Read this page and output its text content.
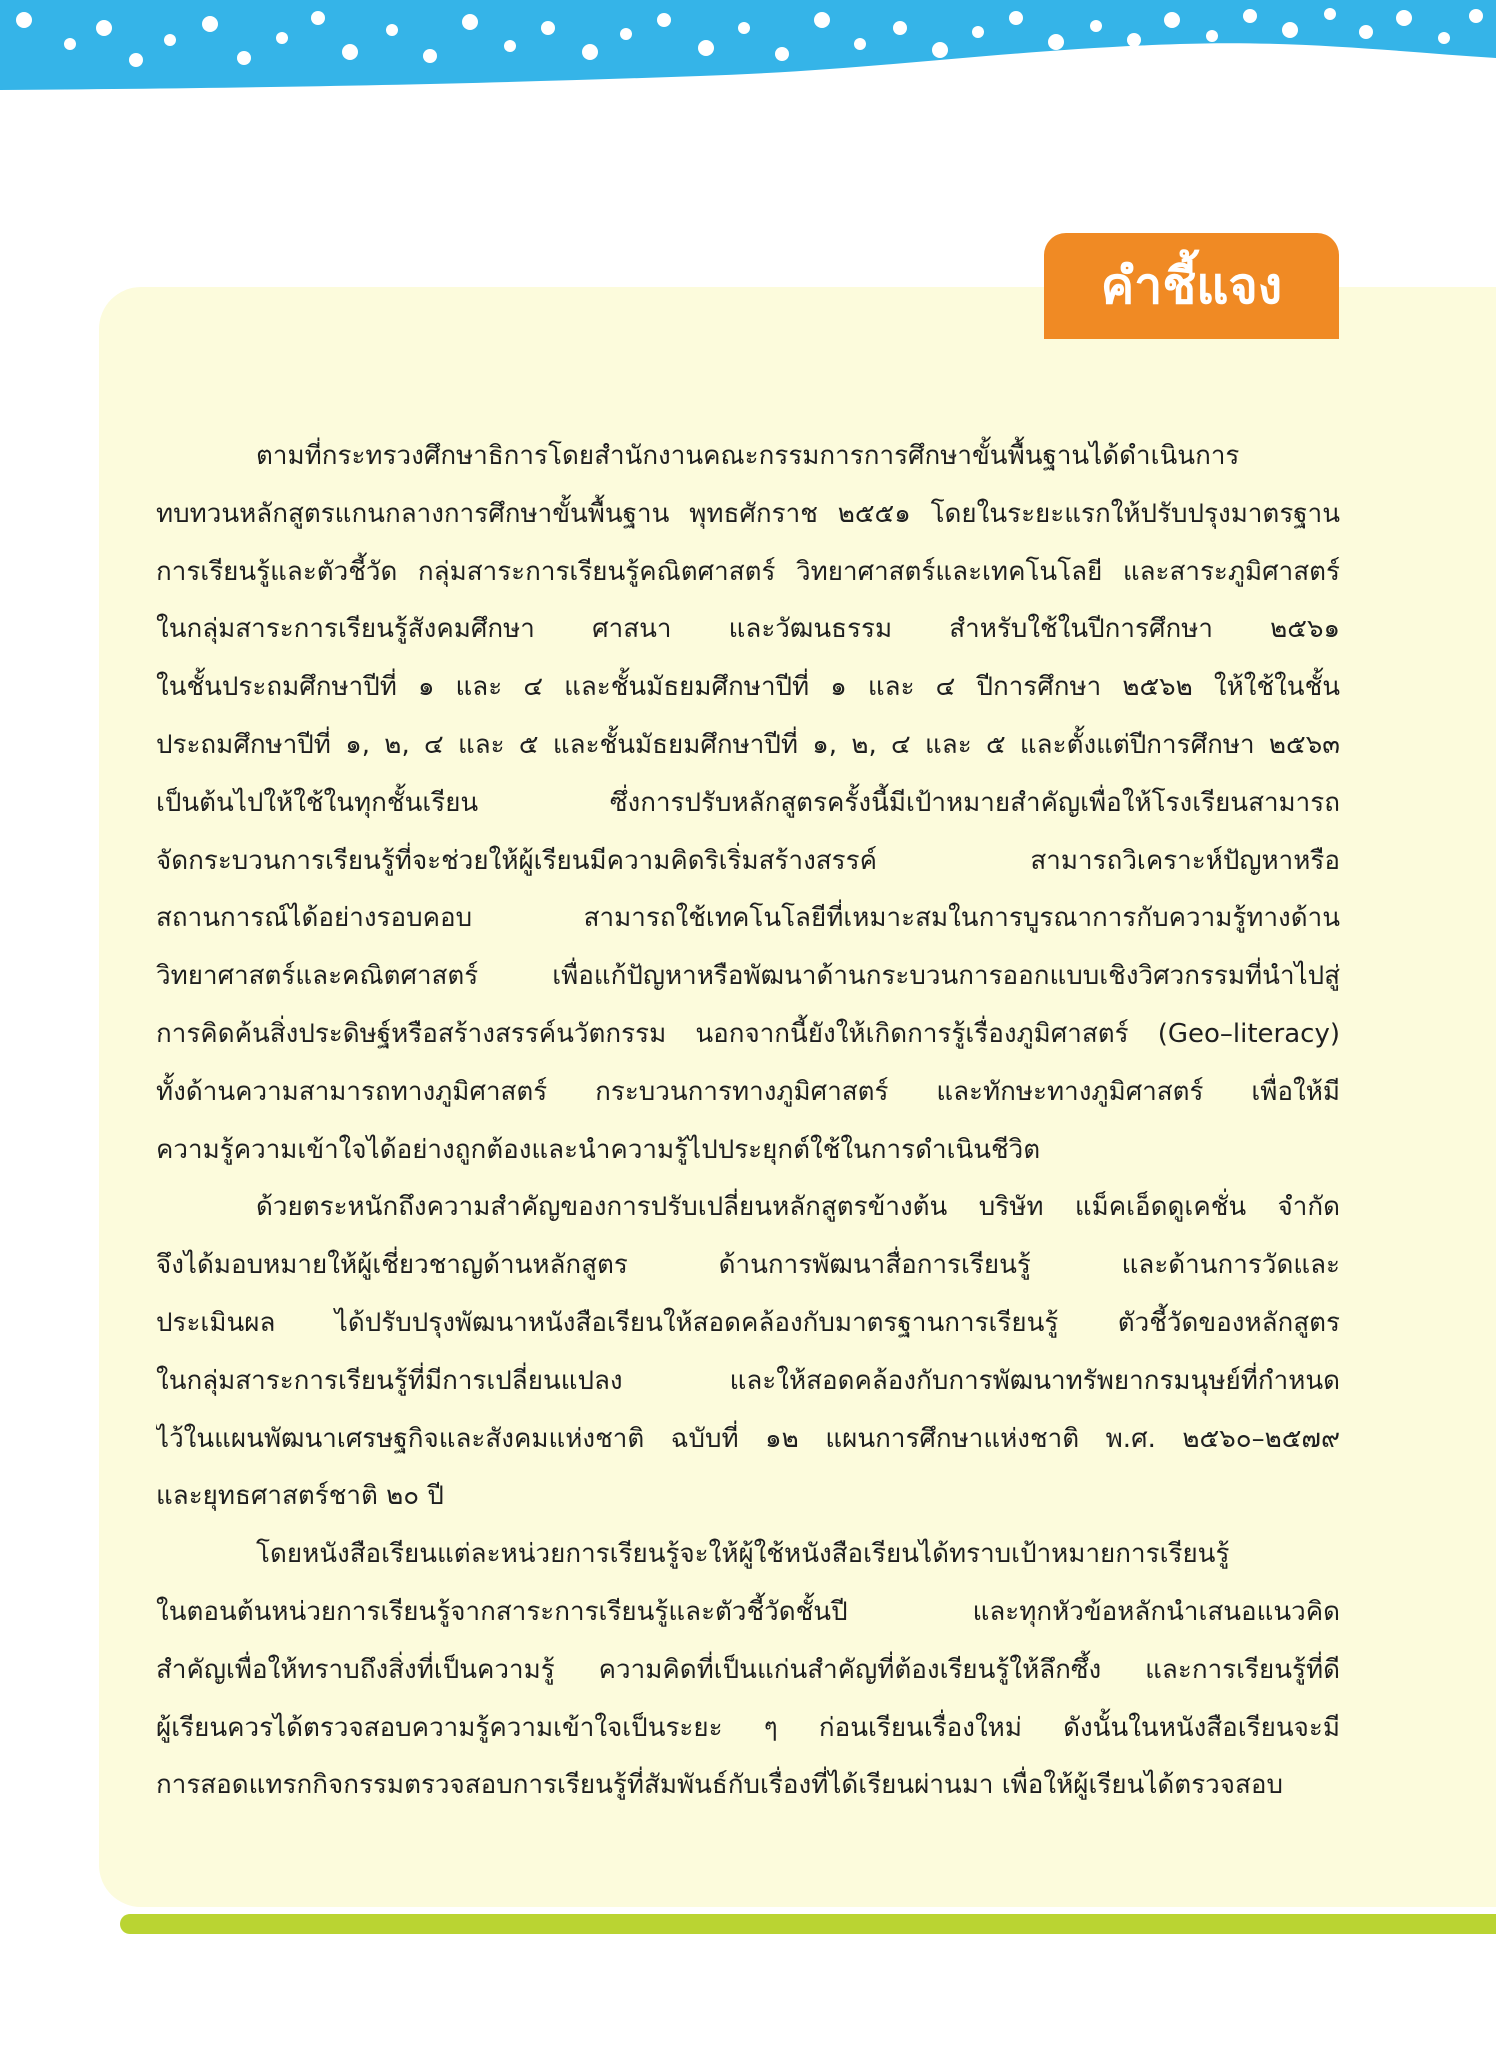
คำชี้แจง
ตามที่กระทรวงศึกษาธิการโดยสำนักงานคณะกรรมการการศึกษาขั้นพื้นฐานได้ดำเนินการ
ทบทวนหลักสูตรแกนกลางการศึกษาขั้นพื้นฐาน พุทธศักราช ๒๕๕๑ โดยในระยะแรกให้ปรับปรุงมาตรฐาน
การเรียนรู้และตัวชี้วัด กลุ่มสาระการเรียนรู้คณิตศาสตร์ วิทยาศาสตร์และเทคโนโลยี และสาระภูมิศาสตร์
ในกลุ่มสาระการเรียนรู้สังคมศึกษา ศาสนา และวัฒนธรรม สำหรับใช้ในปีการศึกษา ๒๕๖๑
ในชั้นประถมศึกษาปีที่ ๑ และ ๔ และชั้นมัธยมศึกษาปีที่ ๑ และ ๔ ปีการศึกษา ๒๕๖๒ ให้ใช้ในชั้น
ประถมศึกษาปีที่ ๑, ๒, ๔ และ ๕ และชั้นมัธยมศึกษาปีที่ ๑, ๒, ๔ และ ๕ และตั้งแต่ปีการศึกษา ๒๕๖๓
เป็นต้นไปให้ใช้ในทุกชั้นเรียน ซึ่งการปรับหลักสูตรครั้งนี้มีเป้าหมายสำคัญเพื่อให้โรงเรียนสามารถ
จัดกระบวนการเรียนรู้ที่จะช่วยให้ผู้เรียนมีความคิดริเริ่มสร้างสรรค์ สามารถวิเคราะห์ปัญหาหรือ
สถานการณ์ได้อย่างรอบคอบ สามารถใช้เทคโนโลยีที่เหมาะสมในการบูรณาการกับความรู้ทางด้าน
วิทยาศาสตร์และคณิตศาสตร์ เพื่อแก้ปัญหาหรือพัฒนาด้านกระบวนการออกแบบเชิงวิศวกรรมที่นำไปสู่
การคิดค้นสิ่งประดิษฐ์หรือสร้างสรรค์นวัตกรรม นอกจากนี้ยังให้เกิดการรู้เรื่องภูมิศาสตร์ (Geo–literacy)
ทั้งด้านความสามารถทางภูมิศาสตร์ กระบวนการทางภูมิศาสตร์ และทักษะทางภูมิศาสตร์ เพื่อให้มี
ความรู้ความเข้าใจได้อย่างถูกต้องและนำความรู้ไปประยุกต์ใช้ในการดำเนินชีวิต
ด้วยตระหนักถึงความสำคัญของการปรับเปลี่ยนหลักสูตรข้างต้น บริษัท แม็คเอ็ดดูเคชั่น จำกัด
จึงได้มอบหมายให้ผู้เชี่ยวชาญด้านหลักสูตร ด้านการพัฒนาสื่อการเรียนรู้ และด้านการวัดและ
ประเมินผล ได้ปรับปรุงพัฒนาหนังสือเรียนให้สอดคล้องกับมาตรฐานการเรียนรู้ ตัวชี้วัดของหลักสูตร
ในกลุ่มสาระการเรียนรู้ที่มีการเปลี่ยนแปลง และให้สอดคล้องกับการพัฒนาทรัพยากรมนุษย์ที่กำหนด
ไว้ในแผนพัฒนาเศรษฐกิจและสังคมแห่งชาติ ฉบับที่ ๑๒ แผนการศึกษาแห่งชาติ พ.ศ. ๒๕๖๐–๒๕๗๙
และยุทธศาสตร์ชาติ ๒๐ ปี
โดยหนังสือเรียนแต่ละหน่วยการเรียนรู้จะให้ผู้ใช้หนังสือเรียนได้ทราบเป้าหมายการเรียนรู้
ในตอนต้นหน่วยการเรียนรู้จากสาระการเรียนรู้และตัวชี้วัดชั้นปี และทุกหัวข้อหลักนำเสนอแนวคิด
สำคัญเพื่อให้ทราบถึงสิ่งที่เป็นความรู้ ความคิดที่เป็นแก่นสำคัญที่ต้องเรียนรู้ให้ลึกซึ้ง และการเรียนรู้ที่ดี
ผู้เรียนควรได้ตรวจสอบความรู้ความเข้าใจเป็นระยะ ๆ ก่อนเรียนเรื่องใหม่ ดังนั้นในหนังสือเรียนจะมี
การสอดแทรกกิจกรรมตรวจสอบการเรียนรู้ที่สัมพันธ์กับเรื่องที่ได้เรียนผ่านมา เพื่อให้ผู้เรียนได้ตรวจสอบ
